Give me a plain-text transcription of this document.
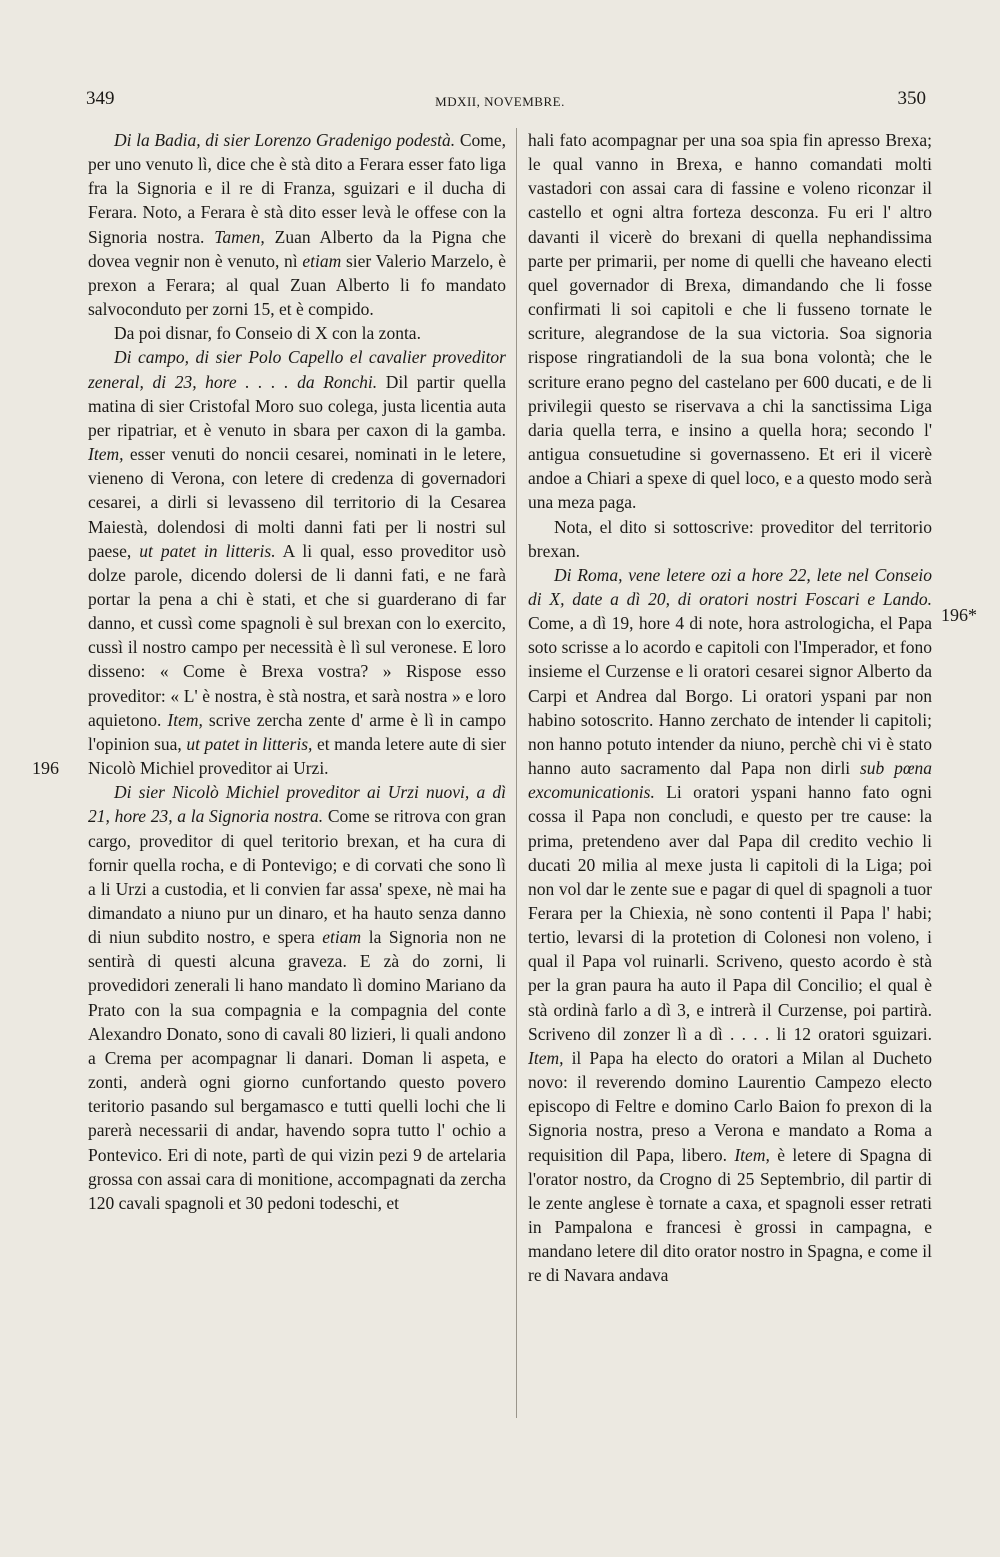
349	MDXII, NOVEMBRE.	350

Di la Badia, di sier Lorenzo Gradenigo podestà. Come, per uno venuto lì, dice che è stà dito a Ferara esser fato liga fra la Signoria e il re di Franza, sguizari e il ducha di Ferara. Noto, a Ferara è stà dito esser levà le offese con la Signoria nostra. Tamen, Zuan Alberto da la Pigna che dovea vegnir non è venuto, nì etiam sier Valerio Marzelo, è prexon a Ferara; al qual Zuan Alberto li fo mandato salvoconduto per zorni 15, et è compido.

Da poi disnar, fo Conseio di X con la zonta.

Di campo, di sier Polo Capello el cavalier proveditor zeneral, di 23, hore . . . . da Ronchi. Dil partir quella matina di sier Cristofal Moro suo colega, justa licentia auta per ripatriar, et è venuto in sbara per caxon di la gamba. Item, esser venuti do noncii cesarei, nominati in le letere, vieneno di Verona, con letere di credenza di governadori cesarei, a dirli si levasseno dil territorio di la Cesarea Maiestà, dolendosi di molti danni fati per li nostri sul paese, ut patet in litteris. A li qual, esso proveditor usò dolze parole, dicendo dolersi de li danni fati, e ne farà portar la pena a chi è stati, et che si guarderano di far danno, et cussì come spagnoli è sul brexan con lo exercito, cussì il nostro campo per necessità è lì sul veronese. E loro disseno: « Come è Brexa vostra? » Rispose esso proveditor: « L' è nostra, è stà nostra, et sarà nostra » e loro aquietono. Item, scrive zercha zente d' arme è lì in campo l'opinion sua, ut patet in litteris, et manda letere aute di sier Nicolò Michiel proveditor ai Urzi.

Di sier Nicolò Michiel proveditor ai Urzi nuovi, a dì 21, hore 23, a la Signoria nostra. Come se ritrova con gran cargo, proveditor di quel teritorio brexan, et ha cura di fornir quella rocha, e di Pontevigo; e di corvati che sono lì a li Urzi a custodia, et li convien far assa' spexe, nè mai ha dimandato a niuno pur un dinaro, et ha hauto senza danno di niun subdito nostro, e spera etiam la Signoria non ne sentirà di questi alcuna graveza. E zà do zorni, li provedidori zenerali li hano mandato lì domino Mariano da Prato con la sua compagnia e la compagnia del conte Alexandro Donato, sono di cavali 80 lizieri, li quali andono a Crema per acompagnar li danari. Doman li aspeta, e zonti, anderà ogni giorno cunfortando questo povero teritorio pasando sul bergamasco e tutti quelli lochi che li parerà necessarii di andar, havendo sopra tutto l' ochio a Pontevico. Eri di note, partì de qui vizin pezi 9 de artelaria grossa con assai cara di monitione, accompagnati da zercha 120 cavali spagnoli et 30 pedoni todeschi, et

hali fato acompagnar per una soa spia fin apresso Brexa; le qual vanno in Brexa, e hanno comandati molti vastadori con assai cara di fassine e voleno riconzar il castello et ogni altra forteza desconza. Fu eri l' altro davanti il vicerè do brexani di quella nephandissima parte per primarii, per nome di quelli che haveano electi quel governador di Brexa, dimandando che li fosse confirmati li soi capitoli e che li fusseno tornate le scriture, alegrandose de la sua victoria. Soa signoria rispose ringratiandoli de la sua bona volontà; che le scriture erano pegno del castelano per 600 ducati, e de li privilegii questo se riservava a chi la sanctissima Liga daria quella terra, e insino a quella hora; secondo l' antigua consuetudine si governasseno. Et eri il vicerè andoe a Chiari a spexe di quel loco, e a questo modo serà una meza paga.

Nota, el dito si sottoscrive: proveditor del territorio brexan.

Di Roma, vene letere ozi a hore 22, lete nel Conseio di X, date a dì 20, di oratori nostri Foscari e Lando. Come, a dì 19, hore 4 di note, hora astrologicha, el Papa soto scrisse a lo acordo e capitoli con l'Imperador, et fono insieme el Curzense e li oratori cesarei signor Alberto da Carpi et Andrea dal Borgo. Li oratori yspani par non habino sotoscrito. Hanno zerchato de intender li capitoli; non hanno potuto intender da niuno, perchè chi vi è stato hanno auto sacramento dal Papa non dirli sub pœna excomunicationis. Li oratori yspani hanno fato ogni cossa il Papa non concludi, e questo per tre cause: la prima, pretendeno aver dal Papa dil credito vechio li ducati 20 milia al mexe justa li capitoli di la Liga; poi non vol dar le zente sue e pagar di quel di spagnoli a tuor Ferara per la Chiexia, nè sono contenti il Papa l' habi; tertio, levarsi di la protetion di Colonesi non voleno, i qual il Papa vol ruinarli. Scriveno, questo acordo è stà per la gran paura ha auto il Papa dil Concilio; el qual è stà ordinà farlo a dì 3, e intrerà il Curzense, poi partirà. Scriveno dil zonzer lì a dì . . . . li 12 oratori sguizari. Item, il Papa ha electo do oratori a Milan al Ducheto novo: il reverendo domino Laurentio Campezo electo episcopo di Feltre e domino Carlo Baion fo prexon di la Signoria nostra, preso a Verona e mandato a Roma a requisition dil Papa, libero. Item, è letere di Spagna di l'orator nostro, da Crogno di 25 Septembrio, dil partir di le zente anglese è tornate a caxa, et spagnoli esser retrati in Pampalona e francesi è grossi in campagna, e mandano letere dil dito orator nostro in Spagna, e come il re di Navara andava

196
196*
